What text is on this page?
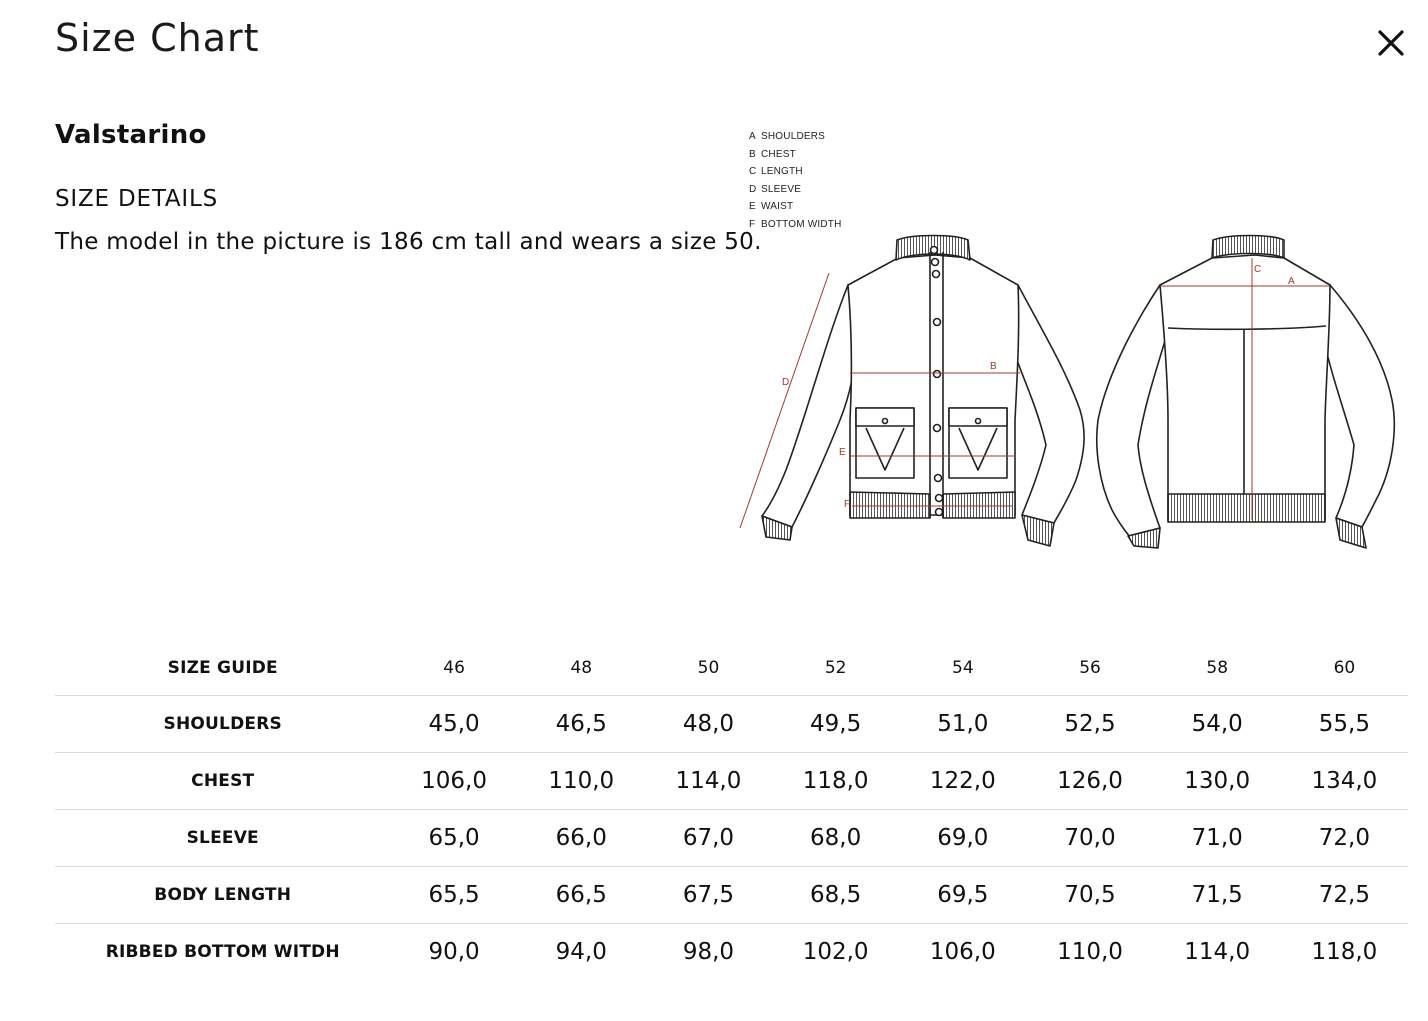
Size Chart
Valstarino
SIZE DETAILS

The model in the picture is 186 cm tall and wears a size 50.

A SHOULDERS
B CHEST
C LENGTH
D SLEEVE
E WAIST
F BOTTOM WIDTH
D
B
E
F
A
C
SIZE GUIDE	46	48	50	52	54	56	58	60
SHOULDERS	45,0	46,5	48,0	49,5	51,0	52,5	54,0	55,5
CHEST	106,0	110,0	114,0	118,0	122,0	126,0	130,0	134,0
SLEEVE	65,0	66,0	67,0	68,0	69,0	70,0	71,0	72,0
BODY LENGTH	65,5	66,5	67,5	68,5	69,5	70,5	71,5	72,5
RIBBED BOTTOM WITDH	90,0	94,0	98,0	102,0	106,0	110,0	114,0	118,0
